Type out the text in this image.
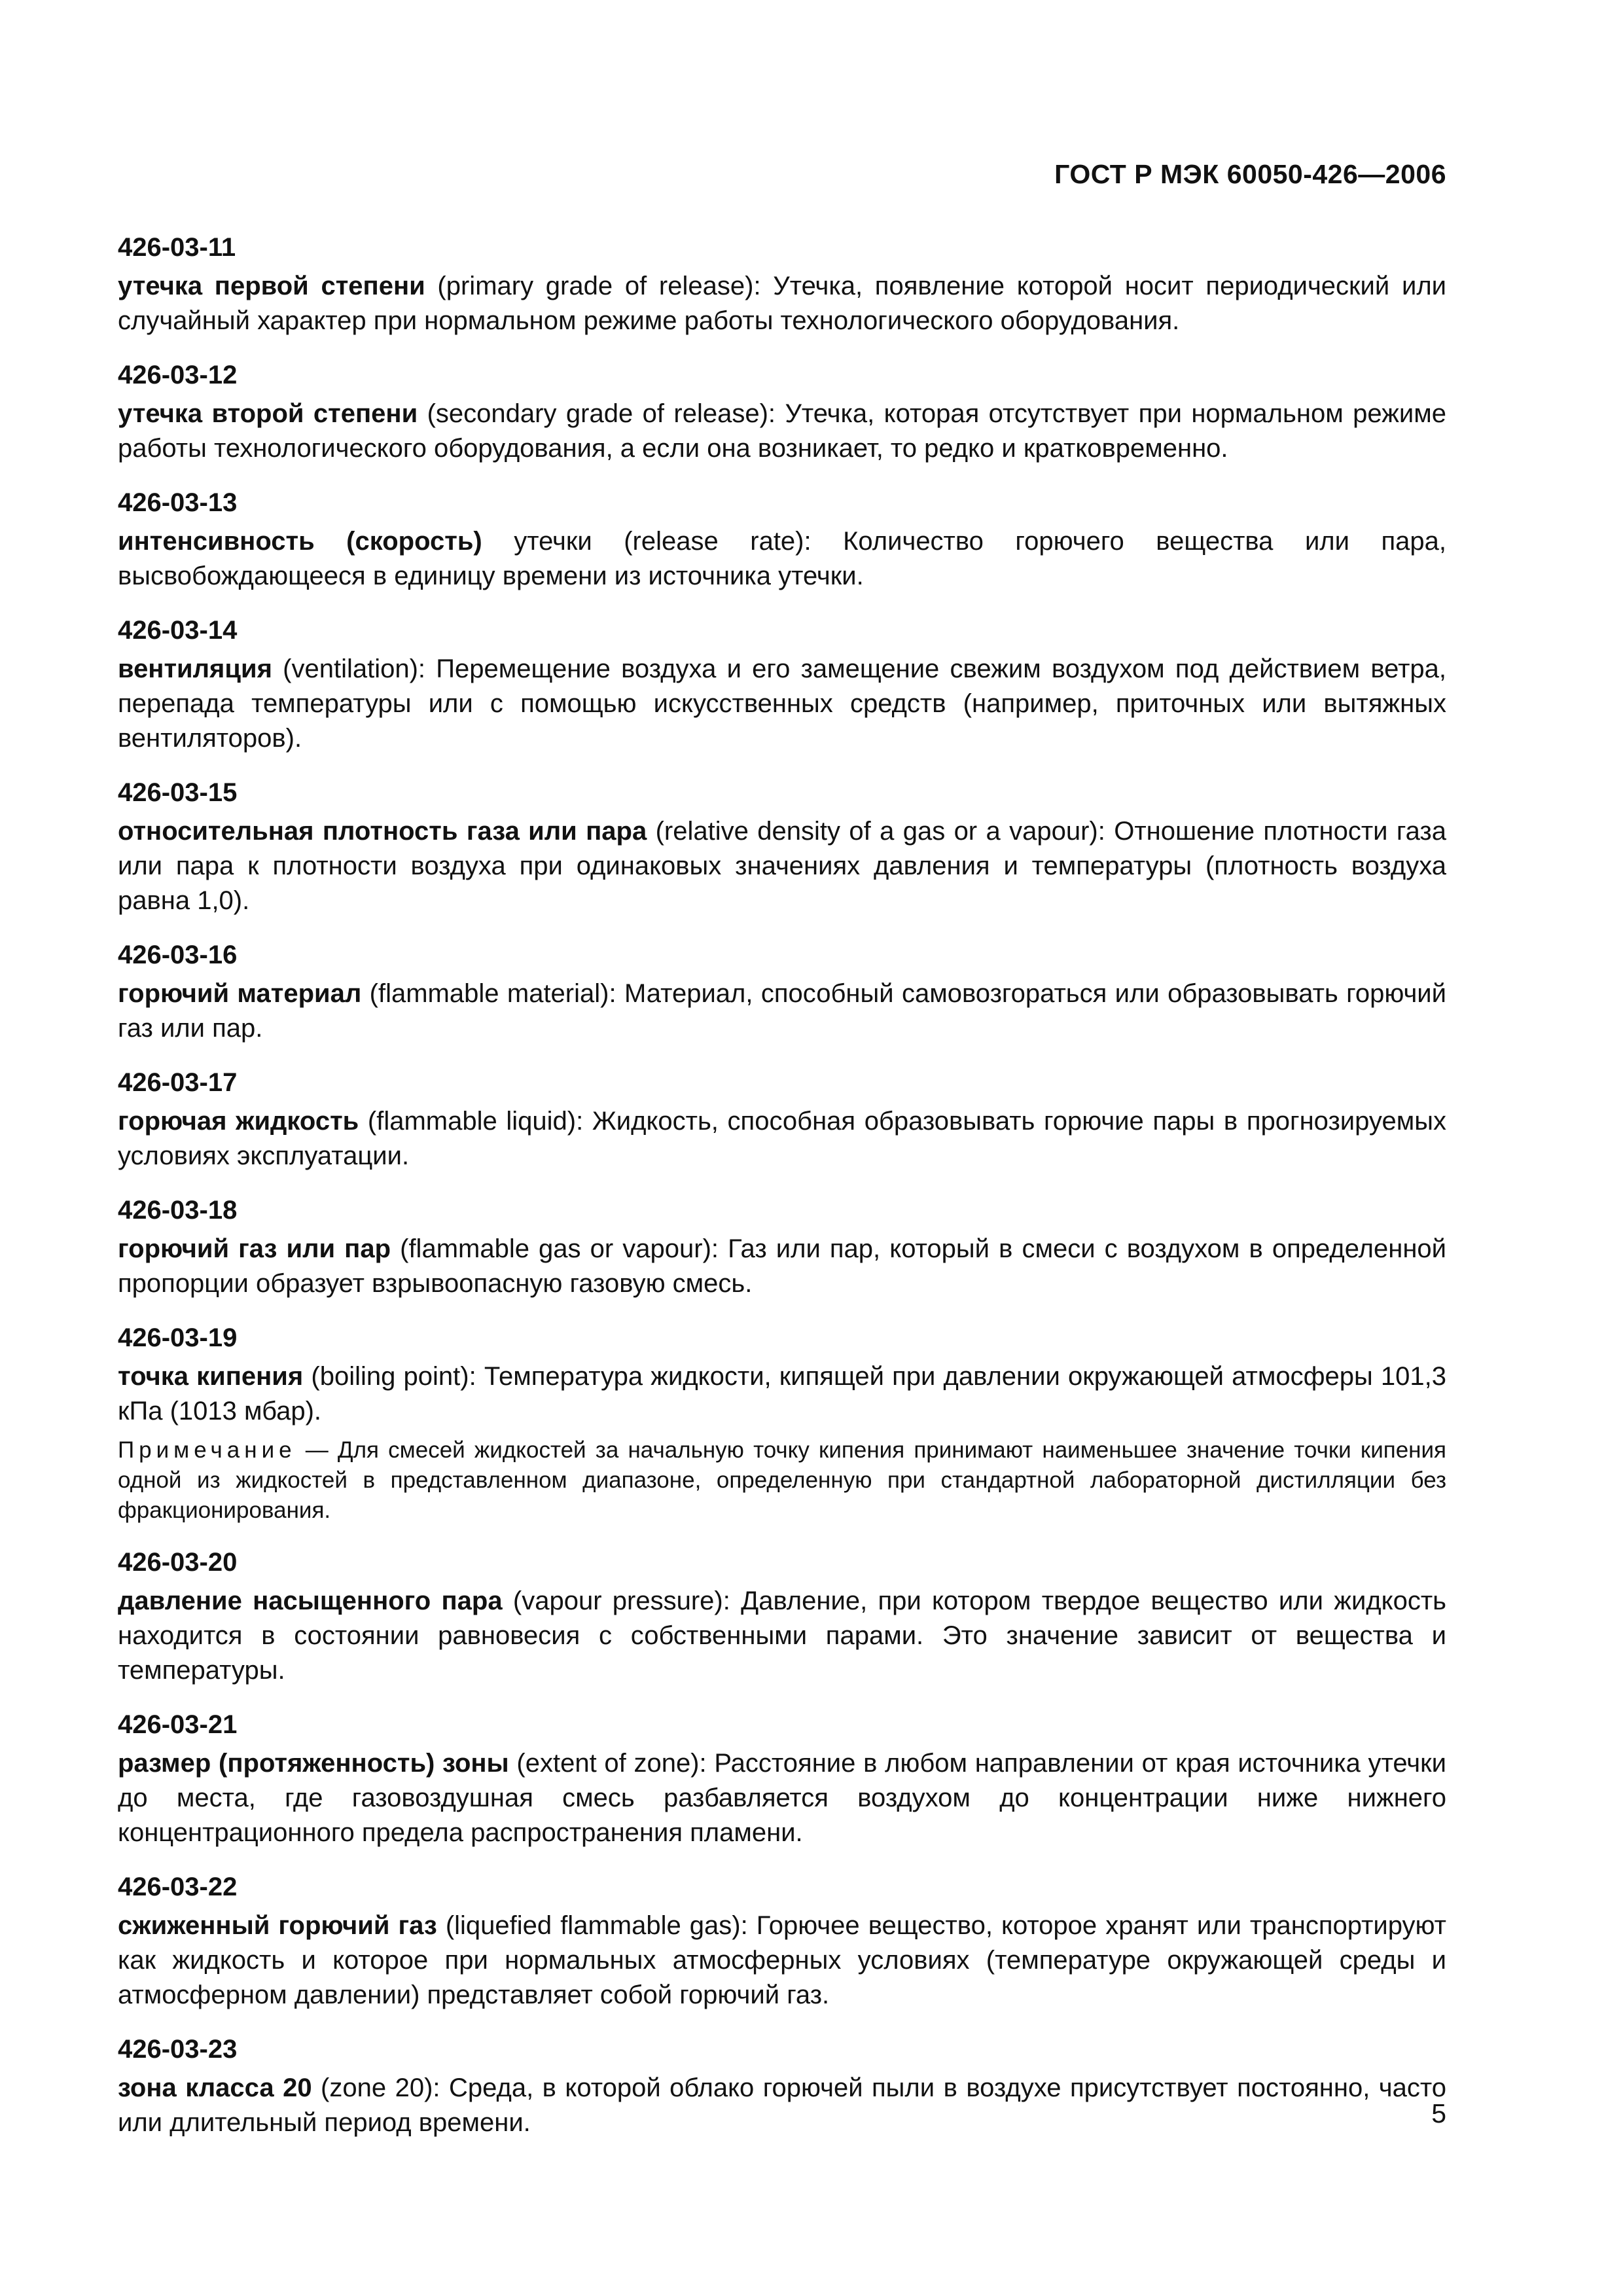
ГОСТ Р МЭК 60050-426—2006
426-03-11
утечка первой степени (primary grade of release): Утечка, появление которой носит периодический или случайный характер при нормальном режиме работы технологического оборудования.
426-03-12
утечка второй степени (secondary grade of release): Утечка, которая отсутствует при нормальном режиме работы технологического оборудования, а если она возникает, то редко и кратковременно.
426-03-13
интенсивность (скорость) утечки (release rate): Количество горючего вещества или пара, высвобождающееся в единицу времени из источника утечки.
426-03-14
вентиляция (ventilation): Перемещение воздуха и его замещение свежим воздухом под действием ветра, перепада температуры или с помощью искусственных средств (например, приточных или вытяжных вентиляторов).
426-03-15
относительная плотность газа или пара (relative density of a gas or a vapour): Отношение плотности газа или пара к плотности воздуха при одинаковых значениях давления и температуры (плотность воздуха равна 1,0).
426-03-16
горючий материал (flammable material): Материал, способный самовозгораться или образовывать горючий газ или пар.
426-03-17
горючая жидкость (flammable liquid): Жидкость, способная образовывать горючие пары в прогнозируемых условиях эксплуатации.
426-03-18
горючий газ или пар (flammable gas or vapour): Газ или пар, который в смеси с воздухом в определенной пропорции образует взрывоопасную газовую смесь.
426-03-19
точка кипения (boiling point): Температура жидкости, кипящей при давлении окружающей атмосферы 101,3 кПа (1013 мбар).
Примечание — Для смесей жидкостей за начальную точку кипения принимают наименьшее значение точки кипения одной из жидкостей в представленном диапазоне, определенную при стандартной лабораторной дистилляции без фракционирования.
426-03-20
давление насыщенного пара (vapour pressure): Давление, при котором твердое вещество или жидкость находится в состоянии равновесия с собственными парами. Это значение зависит от вещества и температуры.
426-03-21
размер (протяженность) зоны (extent of zone): Расстояние в любом направлении от края источника утечки до места, где газовоздушная смесь разбавляется воздухом до концентрации ниже нижнего концентрационного предела распространения пламени.
426-03-22
сжиженный горючий газ (liquefied flammable gas): Горючее вещество, которое хранят или транспортируют как жидкость и которое при нормальных атмосферных условиях (температуре окружающей среды и атмосферном давлении) представляет собой горючий газ.
426-03-23
зона класса 20 (zone 20): Среда, в которой облако горючей пыли в воздухе присутствует постоянно, часто или длительный период времени.	5
